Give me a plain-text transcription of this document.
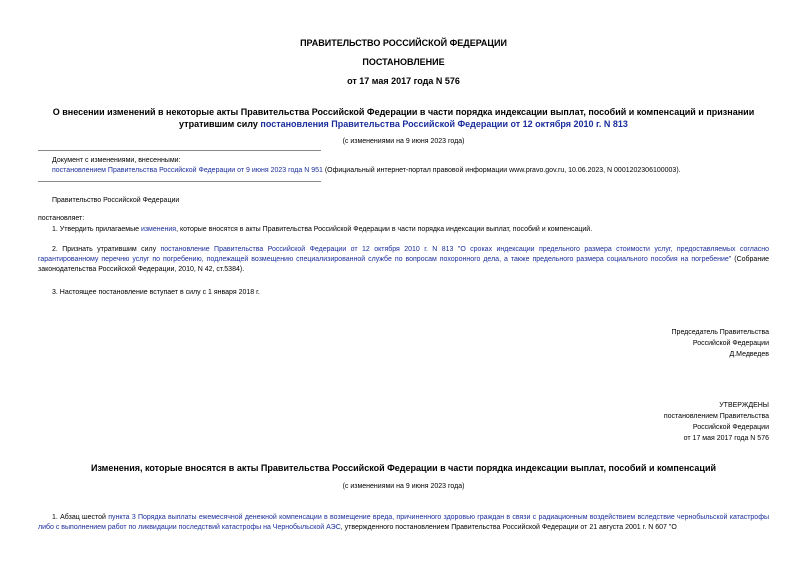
ПРАВИТЕЛЬСТВО РОССИЙСКОЙ ФЕДЕРАЦИИ
ПОСТАНОВЛЕНИЕ
от 17 мая 2017 года N 576
О внесении изменений в некоторые акты Правительства Российской Федерации в части порядка индексации выплат, пособий и компенсаций и признании
утратившим силу постановления Правительства Российской Федерации от 12 октября 2010 г. N 813
(с изменениями на 9 июня 2023 года)
Документ с изменениями, внесенными:
постановлением Правительства Российской Федерации от 9 июня 2023 года N 951 (Официальный интернет-портал правовой информации www.pravo.gov.ru, 10.06.2023, N 0001202306100003).
Правительство Российской Федерации
постановляет:
1. Утвердить прилагаемые изменения, которые вносятся в акты Правительства Российской Федерации в части порядка индексации выплат, пособий и компенсаций.
2. Признать утратившим силу постановление Правительства Российской Федерации от 12 октября 2010 г. N 813 "О сроках индексации предельного размера стоимости услуг, предоставляемых согласно гарантированному перечню услуг по погребению, подлежащей возмещению специализированной службе по вопросам похоронного дела, а также предельного размера социального пособия на погребение" (Собрание законодательства Российской Федерации, 2010, N 42, ст.5384).
3. Настоящее постановление вступает в силу с 1 января 2018 г.
Председатель Правительства
Российской Федерации
Д.Медведев
УТВЕРЖДЕНЫ
постановлением Правительства
Российской Федерации
от 17 мая 2017 года N 576
Изменения, которые вносятся в акты Правительства Российской Федерации в части порядка индексации выплат, пособий и компенсаций
(с изменениями на 9 июня 2023 года)
1. Абзац шестой пункта 3 Порядка выплаты ежемесячной денежной компенсации в возмещение вреда, причиненного здоровью граждан в связи с радиационным воздействием вследствие чернобыльской катастрофы либо с выполнением работ по ликвидации последствий катастрофы на Чернобыльской АЭС, утвержденного постановлением Правительства Российской Федерации от 21 августа 2001 г. N 607 "О
